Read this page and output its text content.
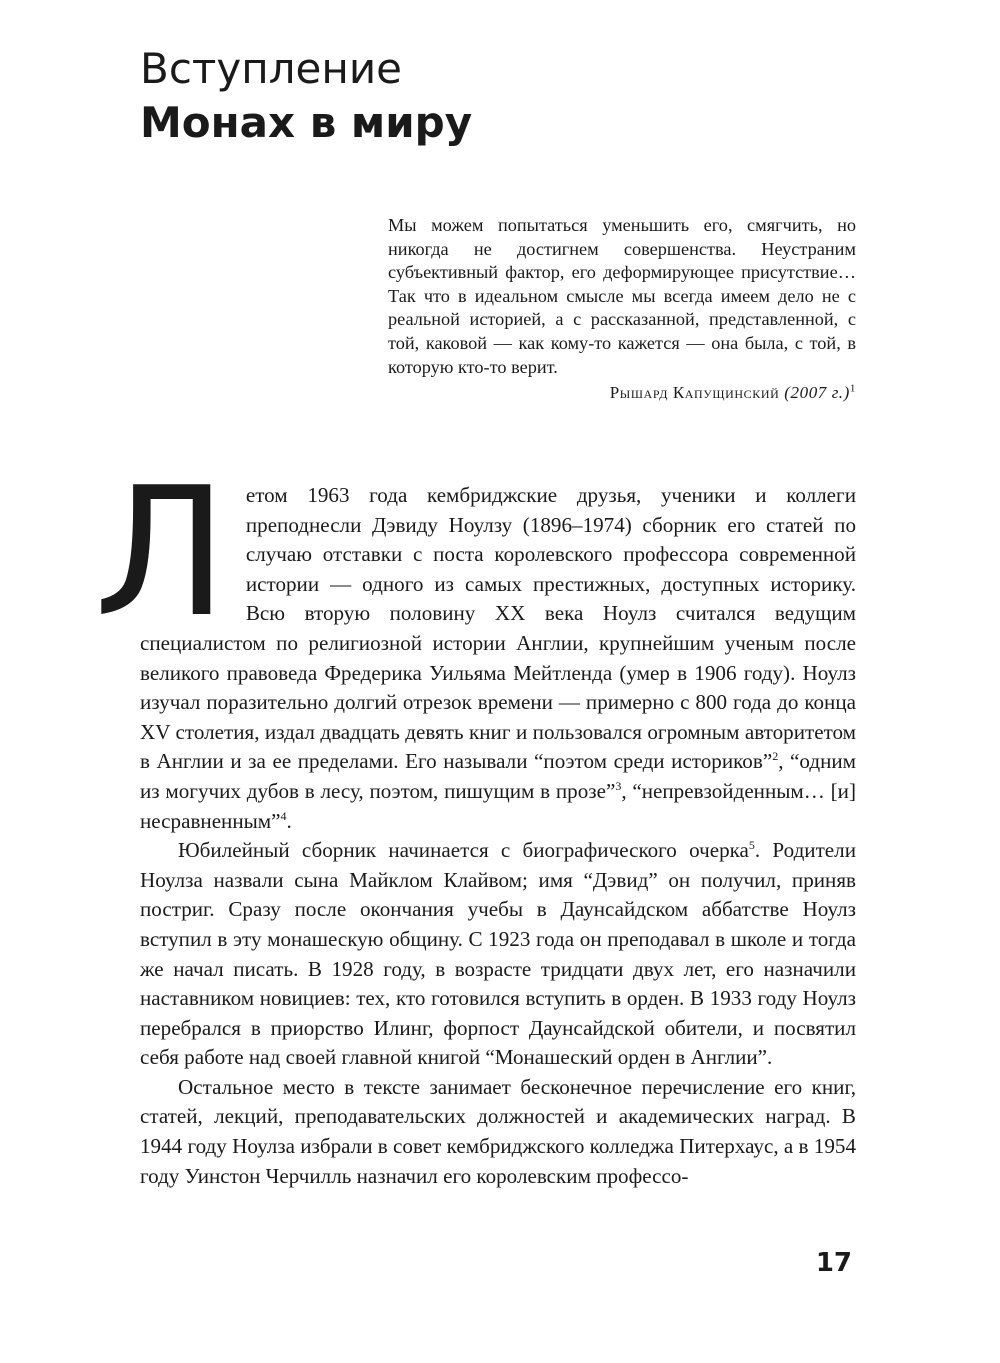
Вступление
Монах в миру

Мы можем попытаться уменьшить его, смягчить, но никогда не достигнем совершенства. Неустраним субъективный фактор, его деформирующее присутствие… Так что в идеальном смысле мы всегда имеем дело не с реальной историей, а с рассказанной, представленной, с той, каковой — как кому-то кажется — она была, с той, в которую кто-то верит.

Рышард Капущинский (2007 г.)$^1$

Летом 1963 года кембриджские друзья, ученики и коллеги преподнесли Дэвиду Ноулзу (1896–1974) сборник его статей по случаю отставки с поста королевского профессора современной истории — одного из самых престижных, доступных историку. Всю вторую половину XX века Ноулз считался ведущим специалистом по религиозной истории Англии, крупнейшим ученым после великого правоведа Фредерика Уильяма Мейтленда (умер в 1906 году). Ноулз изучал поразительно долгий отрезок времени — примерно с 800 года до конца XV столетия, издал двадцать девять книг и пользовался огромным авторитетом в Англии и за ее пределами. Его называли “поэтом среди историков”$^2$, “одним из могучих дубов в лесу, поэтом, пишущим в прозе”$^3$, “непревзойденным… [и] несравненным”$^4$.

Юбилейный сборник начинается с биографического очерка$^5$. Родители Ноулза назвали сына Майклом Клайвом; имя “Дэвид” он получил, приняв постриг. Сразу после окончания учебы в Даунсайдском аббатстве Ноулз вступил в эту монашескую общину. С 1923 года он преподавал в школе и тогда же начал писать. В 1928 году, в возрасте тридцати двух лет, его назначили наставником новициев: тех, кто готовился вступить в орден. В 1933 году Ноулз перебрался в приорство Илинг, форпост Даунсайдской обители, и посвятил себя работе над своей главной книгой “Монашеский орден в Англии”.

Остальное место в тексте занимает бесконечное перечисление его книг, статей, лекций, преподавательских должностей и академических наград. В 1944 году Ноулза избрали в совет кембриджского колледжа Питерхаус, а в 1954 году Уинстон Черчилль назначил его королевским профессо-

17
